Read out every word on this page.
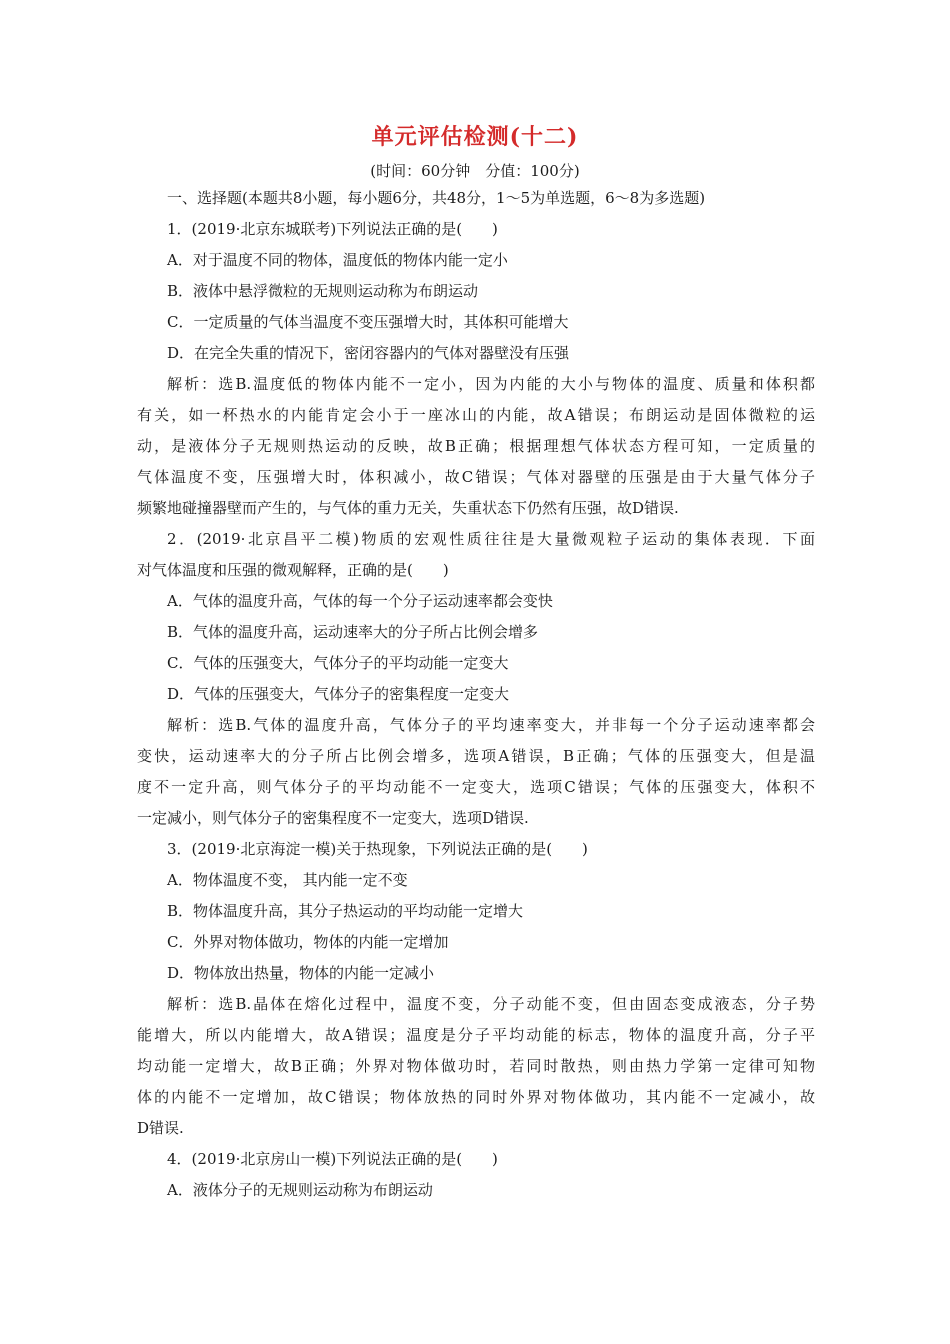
单元评估检测(十二)
(时间：60分钟　分值：100分)

一、选择题(本题共8小题，每小题6分，共48分，1～5为单选题，6～8为多选题)

1．(2019·北京东城联考)下列说法正确的是(　　)

A．对于温度不同的物体，温度低的物体内能一定小

B．液体中悬浮微粒的无规则运动称为布朗运动

C．一定质量的气体当温度不变压强增大时，其体积可能增大

D．在完全失重的情况下，密闭容器内的气体对器壁没有压强

解析：选B.温度低的物体内能不一定小，因为内能的大小与物体的温度、质量和体积都

有关，如一杯热水的内能肯定会小于一座冰山的内能，故A错误；布朗运动是固体微粒的运

动，是液体分子无规则热运动的反映，故B正确；根据理想气体状态方程可知，一定质量的

气体温度不变，压强增大时，体积减小，故C错误；气体对器壁的压强是由于大量气体分子

频繁地碰撞器壁而产生的，与气体的重力无关，失重状态下仍然有压强，故D错误.

2．(2019·北京昌平二模)物质的宏观性质往往是大量微观粒子运动的集体表现．下面

对气体温度和压强的微观解释，正确的是(　　)

A．气体的温度升高，气体的每一个分子运动速率都会变快

B．气体的温度升高，运动速率大的分子所占比例会增多

C．气体的压强变大，气体分子的平均动能一定变大

D．气体的压强变大，气体分子的密集程度一定变大

解析：选B.气体的温度升高，气体分子的平均速率变大，并非每一个分子运动速率都会

变快，运动速率大的分子所占比例会增多，选项A错误，B正确；气体的压强变大，但是温

度不一定升高，则气体分子的平均动能不一定变大，选项C错误；气体的压强变大，体积不

一定减小，则气体分子的密集程度不一定变大，选项D错误.

3．(2019·北京海淀一模)关于热现象，下列说法正确的是(　　)

A．物体温度不变， 其内能一定不变

B．物体温度升高，其分子热运动的平均动能一定增大

C．外界对物体做功，物体的内能一定增加

D．物体放出热量，物体的内能一定减小

解析：选B.晶体在熔化过程中，温度不变，分子动能不变，但由固态变成液态，分子势

能增大，所以内能增大，故A错误；温度是分子平均动能的标志，物体的温度升高，分子平

均动能一定增大，故B正确；外界对物体做功时，若同时散热，则由热力学第一定律可知物

体的内能不一定增加，故C错误；物体放热的同时外界对物体做功，其内能不一定减小，故

D错误.

4．(2019·北京房山一模)下列说法正确的是(　　)

A．液体分子的无规则运动称为布朗运动
